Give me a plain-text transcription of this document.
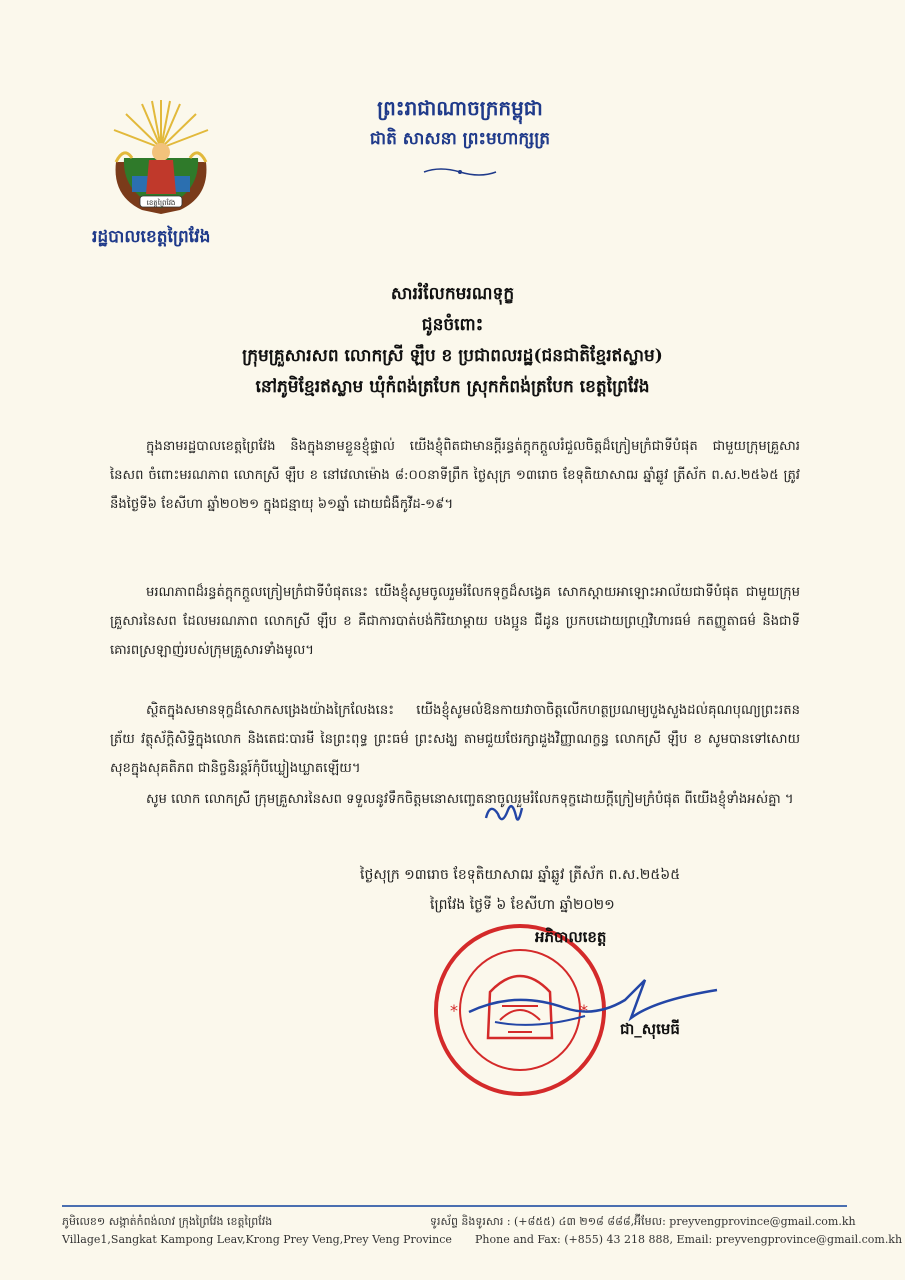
ខេត្តព្រៃវែង
រដ្ឋបាលខេត្តព្រៃវែង
ព្រះរាជាណាចក្រកម្ពុជា
ជាតិ សាសនា ព្រះមហាក្សត្រ
សាររំលែកមរណទុក្ខ
ជូនចំពោះ
ក្រុមគ្រួសារសព លោកស្រី ឡឹប ខ ប្រជាពលរដ្ឋ(ជនជាតិខ្មែរឥស្លាម)
នៅភូមិខ្មែរឥស្លាម ឃុំកំពង់ត្របែក ស្រុកកំពង់ត្របែក ខេត្តព្រៃវែង
ក្នុងនាមរដ្ឋបាលខេត្តព្រៃវែង និងក្នុងនាមខ្លួនខ្ញុំផ្ទាល់ យើងខ្ញុំពិតជាមានក្តីរន្ធត់ក្តុកក្តួលរំជួលចិត្តដ៏ក្រៀមក្រំជាទីបំផុត ជាមួយក្រុមគ្រួសារនៃសព ចំពោះមរណភាព លោកស្រី ឡឹប ខ នៅវេលាម៉ោង ៨:០០នាទីព្រឹក ថ្ងៃសុក្រ ១៣រោច ខែទុតិយាសាឍ ឆ្នាំឆ្លូវ ត្រីស័ក ព.ស.២៥៦៥ ត្រូវនឹងថ្ងៃទី៦ ខែសីហា ឆ្នាំ២០២១ ក្នុងជន្មាយុ ៦១ឆ្នាំ ដោយជំងឺកូវីដ-១៩។
មរណភាពដ៏រន្ធត់ក្តុកក្តួលក្រៀមក្រំជាទីបំផុតនេះ យើងខ្ញុំសូមចូលរួមរំលែកទុក្ខដ៏សង្វេគ សោកស្តាយអាឡោះអាល័យជាទីបំផុត ជាមួយក្រុមគ្រួសារនៃសព ដែលមរណភាព លោកស្រី ឡឹប ខ គឺជាការបាត់បង់កិរិយាម្តាយ បងប្អូន ជីដូន ប្រកបដោយព្រហ្មវិហារធម៌ កតញ្ញូតាធម៌ និងជាទីគោរពស្រឡាញ់របស់ក្រុមគ្រួសារទាំងមូល។
ស្ថិតក្នុងសមានទុក្ខដ៏សោកសង្រេងយ៉ាងក្រៃលែងនេះ យើងខ្ញុំសូមលំឱនកាយវាចាចិត្តលើកហត្ថប្រណម្យបួងសួងដល់គុណបុណ្យព្រះរតនត្រ័យ វត្ថុស័ក្តិសិទ្ធិក្នុងលោក និងតេជៈបារមី នៃព្រះពុទ្ធ ព្រះធម៌ ព្រះសង្ឃ តាមជួយថែរក្សាដួងវិញ្ញាណក្ខន្ធ លោកស្រី ឡឹប ខ សូមបានទៅសោយសុខក្នុងសុគតិភព ជានិច្ចនិរន្តរ៍កុំបីឃ្លៀងឃ្លាតឡើយ។
សូម លោក លោកស្រី ក្រុមគ្រួសារនៃសព ទទួលនូវទឹកចិត្តមនោសញ្ចេតនាចូលរួមរំលែកទុក្ខដោយក្តីក្រៀមក្រំបំផុត ពីយើងខ្ញុំទាំងអស់គ្នា ។
ថ្ងៃសុក្រ ១៣រោច ខែទុតិយាសាឍ ឆ្នាំឆ្លូវ ត្រីស័ក ព.ស.២៥៦៥
ព្រៃវែង ថ្ងៃទី ៦ ខែសីហា ឆ្នាំ២០២១
*	*
អភិបាលខេត្ត
ជា_សុមេធី
ភូមិលេខ១ សង្កាត់កំពង់លាវ ក្រុងព្រៃវែង ខេត្តព្រៃវែង
Village1,Sangkat Kampong Leav,Krong Prey Veng,Prey Veng Province
ទូរស័ព្ទ និងទូរសារ : (+៨៥៥) ៤៣ ២១៨ ៨៨៨,អ៊ីមែល: preyvengprovince@gmail.com.kh
Phone and Fax: (+855) 43 218 888, Email: preyvengprovince@gmail.com.kh
